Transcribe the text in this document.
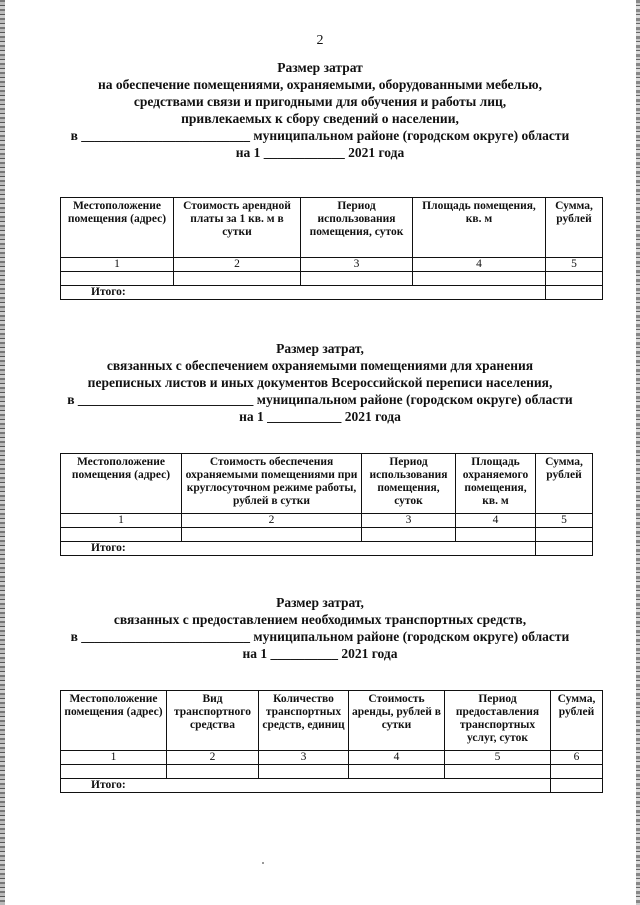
2
Размер затрат
на обеспечение помещениями, охраняемыми, оборудованными мебелью,
средствами связи и пригодными для обучения и работы лиц,
привлекаемых к сбору сведений о населении,
в _________________________ муниципальном районе (городском округе) области
на 1 ____________ 2021 года
Местоположение помещения (адрес)	Стоимость арендной платы за 1 кв. м в сутки	Период использования помещения, суток	Площадь помещения, кв. м	Сумма, рублей
1	2	3	4	5

Итого:				
Размер затрат,
связанных с обеспечением охраняемыми помещениями для хранения
переписных листов и иных документов Всероссийской переписи населения,
в __________________________ муниципальном районе (городском округе) области
на 1 ___________ 2021 года
Местоположение помещения (адрес)	Стоимость обеспечения охраняемыми помещениями при круглосуточном режиме работы, рублей в сутки	Период использования помещения, суток	Площадь охраняемого помещения, кв. м	Сумма, рублей
1	2	3	4	5

Итого:				
Размер затрат,
связанных с предоставлением необходимых транспортных средств,
в _________________________ муниципальном районе (городском округе) области
на 1 __________ 2021 года
Местоположение помещения (адрес)	Вид транспортного средства	Количество транспортных средств, единиц	Стоимость аренды, рублей в сутки	Период предоставления транспортных услуг, суток	Сумма, рублей
1	2	3	4	5	6

Итого:					
